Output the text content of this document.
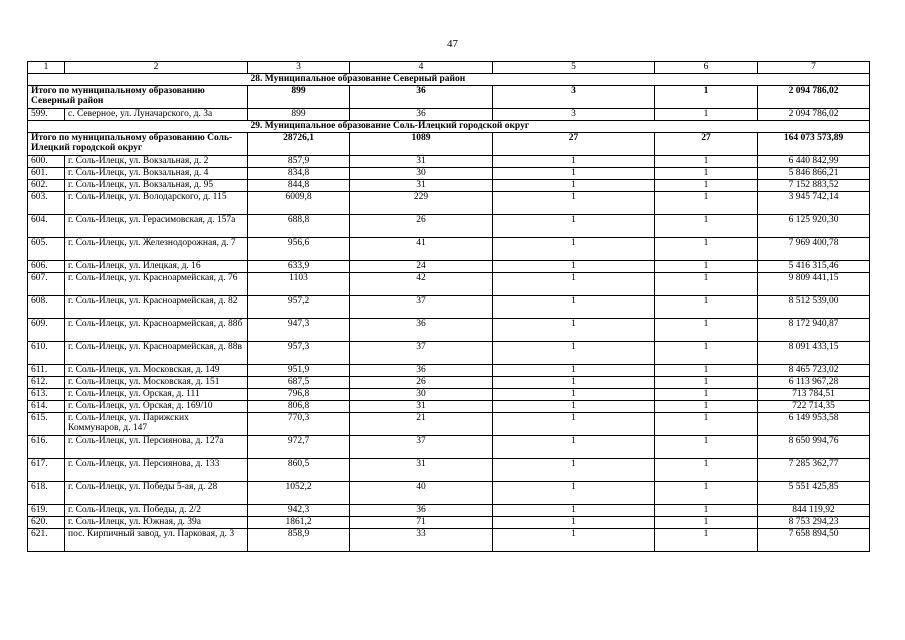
47
1	2	3	4	5	6	7
		28. Муниципальное образование Северный район				
Итого по муниципальному образованию Северный район		899	36	3	1	2 094 786,02
599.	с. Северное, ул. Луначарского, д. 3а	899	36	3	1	2 094 786,02
		29. Муниципальное образование Соль-Илецкий городской округ				
Итого по муниципальному образованию Соль-Илецкий городской округ		28726,1	1089	27	27	164 073 573,89
600.	г. Соль-Илецк, ул. Вокзальная, д. 2	857,9	31	1	1	6 440 842,99
601.	г. Соль-Илецк, ул. Вокзальная, д. 4	834,8	30	1	1	5 846 866,21
602.	г. Соль-Илецк, ул. Вокзальная, д. 95	844,8	31	1	1	7 152 883,52
603.	г. Соль-Илецк, ул. Володарского, д. 115	6009,8	229	1	1	3 945 742,14
604.	г. Соль-Илецк, ул. Герасимовская, д. 157а	688,8	26	1	1	6 125 920,30
605.	г. Соль-Илецк, ул. Железнодорожная, д. 7	956,6	41	1	1	7 969 400,78
606.	г. Соль-Илецк, ул. Илецкая, д. 16	633,9	24	1	1	5 416 315,46
607.	г. Соль-Илецк, ул. Красноармейская, д. 76	1103	42	1	1	9 809 441,15
608.	г. Соль-Илецк, ул. Красноармейская, д. 82	957,2	37	1	1	8 512 539,00
609.	г. Соль-Илецк, ул. Красноармейская, д. 88б	947,3	36	1	1	8 172 940,87
610.	г. Соль-Илецк, ул. Красноармейская, д. 88в	957,3	37	1	1	8 091 433,15
611.	г. Соль-Илецк, ул. Московская, д. 149	951,9	36	1	1	8 465 723,02
612.	г. Соль-Илецк, ул. Московская, д. 151	687,5	26	1	1	6 113 967,28
613.	г. Соль-Илецк, ул. Орская, д. 111	796,8	30	1	1	713 784,51
614.	г. Соль-Илецк, ул. Орская, д. 169/10	806,8	31	1	1	722 714,35
615.	г. Соль-Илецк, ул. Парижских Коммунаров, д. 147	770,3	21	1	1	6 149 953,58
616.	г. Соль-Илецк, ул. Персиянова, д. 127а	972,7	37	1	1	8 650 994,76
617.	г. Соль-Илецк, ул. Персиянова, д. 133	860,5	31	1	1	7 285 362,77
618.	г. Соль-Илецк, ул. Победы 5-ая, д. 28	1052,2	40	1	1	5 551 425,85
619.	г. Соль-Илецк, ул. Победы, д. 2/2	942,3	36	1	1	844 119,92
620.	г. Соль-Илецк, ул. Южная, д. 39а	1861,2	71	1	1	8 753 294,23
621.	пос. Кирпичный завод, ул. Парковая, д. 3	858,9	33	1	1	7 658 894,50
